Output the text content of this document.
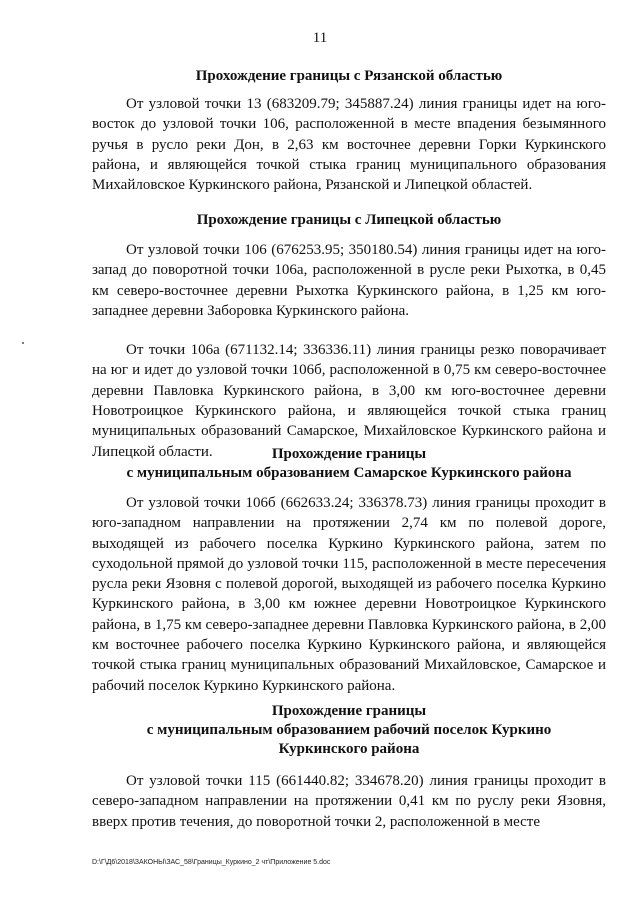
11
Прохождение границы с Рязанской областью

От узловой точки 13 (683209.79; 345887.24) линия границы идет на юго-восток до узловой точки 106, расположенной в месте впадения безымянного ручья в русло реки Дон, в 2,63 км восточнее деревни Горки Куркинского района, и являющейся точкой стыка границ муниципального образования Михайловское Куркинского района, Рязанской и Липецкой областей.

Прохождение границы с Липецкой областью

От узловой точки 106 (676253.95; 350180.54) линия границы идет на юго-запад до поворотной точки 106а, расположенной в русле реки Рыхотка, в 0,45 км северо-восточнее деревни Рыхотка Куркинского района, в 1,25 км юго-западнее деревни Заборовка Куркинского района.

От точки 106а (671132.14; 336336.11) линия границы резко поворачивает на юг и идет до узловой точки 106б, расположенной в 0,75 км северо-восточнее деревни Павловка Куркинского района, в 3,00 км юго-восточнее деревни Новотроицкое Куркинского района, и являющейся точкой стыка границ муниципальных образований Самарское, Михайловское Куркинского района и Липецкой области.	Прохождение границы
с муниципальным образованием Самарское Куркинского района

От узловой точки 106б (662633.24; 336378.73) линия границы проходит в юго-западном направлении на протяжении 2,74 км по полевой дороге, выходящей из рабочего поселка Куркино Куркинского района, затем по суходольной прямой до узловой точки 115, расположенной в месте пересечения русла реки Язовня с полевой дорогой, выходящей из рабочего поселка Куркино Куркинского района, в 3,00 км южнее деревни Новотроицкое Куркинского района, в 1,75 км северо-западнее деревни Павловка Куркинского района, в 2,00 км восточнее рабочего поселка Куркино Куркинского района, и являющейся точкой стыка границ муниципальных образований Михайловское, Самарское и рабочий поселок Куркино Куркинского района.

Прохождение границы
с муниципальным образованием рабочий поселок Куркино
Куркинского района

От узловой точки 115 (661440.82; 334678.20) линия границы проходит в северо-западном направлении на протяжении 0,41 км по руслу реки Язовня, вверх против течения, до поворотной точки 2, расположенной в месте

D:\Г\Д6\2018\ЗАКОНЫ\ЗАС_58\Границы_Куркино_2 чт\Приложение 5.doc
